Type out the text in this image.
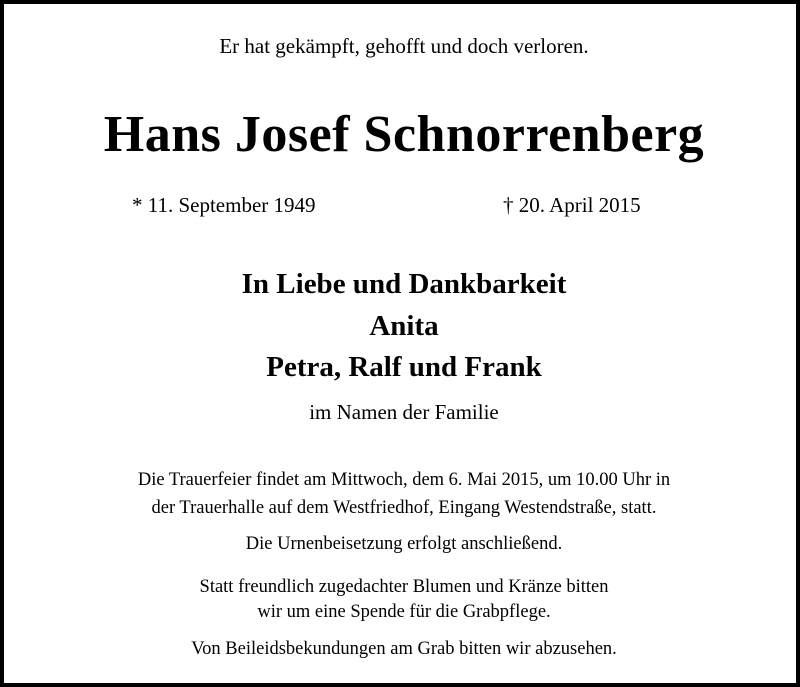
Er hat gekämpft, gehofft und doch verloren.
Hans Josef Schnorrenberg
* 11. September 1949	† 20. April 2015
In Liebe und Dankbarkeit
Anita
Petra, Ralf und Frank
im Namen der Familie
Die Trauerfeier findet am Mittwoch, dem 6. Mai 2015, um 10.00 Uhr in
der Trauerhalle auf dem Westfriedhof, Eingang Westendstraße, statt.
Die Urnenbeisetzung erfolgt anschließend.
Statt freundlich zugedachter Blumen und Kränze bitten
wir um eine Spende für die Grabpflege.
Von Beileidsbekundungen am Grab bitten wir abzusehen.
